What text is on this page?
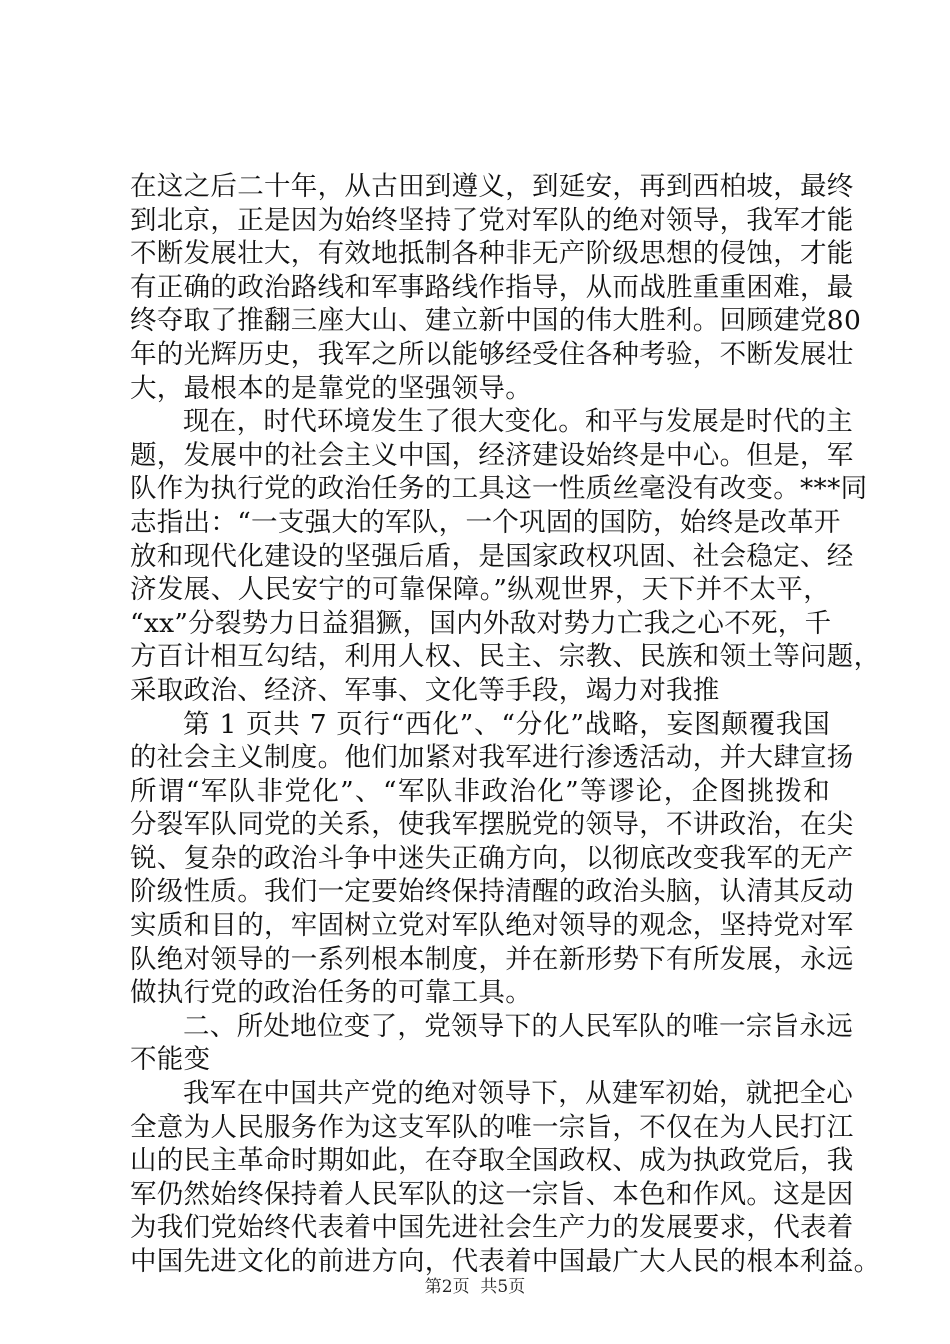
在这之后二十年，从古田到遵义，到延安，再到西柏坡，最终
到北京，正是因为始终坚持了党对军队的绝对领导，我军才能
不断发展壮大，有效地抵制各种非无产阶级思想的侵蚀，才能
有正确的政治路线和军事路线作指导，从而战胜重重困难，最
终夺取了推翻三座大山、建立新中国的伟大胜利。回顾建党80
年的光辉历史，我军之所以能够经受住各种考验，不断发展壮
大，最根本的是靠党的坚强领导。
现在，时代环境发生了很大变化。和平与发展是时代的主
题，发展中的社会主义中国，经济建设始终是中心。但是，军
队作为执行党的政治任务的工具这一性质丝毫没有改变。***同
志指出：“一支强大的军队，一个巩固的国防，始终是改革开
放和现代化建设的坚强后盾，是国家政权巩固、社会稳定、经
济发展、人民安宁的可靠保障。”纵观世界，天下并不太平，
“xx”分裂势力日益猖獗，国内外敌对势力亡我之心不死，千
方百计相互勾结，利用人权、民主、宗教、民族和领土等问题，
采取政治、经济、军事、文化等手段，竭力对我推
第 1 页共 7 页行“西化”、“分化”战略，妄图颠覆我国
的社会主义制度。他们加紧对我军进行渗透活动，并大肆宣扬
所谓“军队非党化”、“军队非政治化”等谬论，企图挑拨和
分裂军队同党的关系，使我军摆脱党的领导，不讲政治，在尖
锐、复杂的政治斗争中迷失正确方向，以彻底改变我军的无产
阶级性质。我们一定要始终保持清醒的政治头脑，认清其反动
实质和目的，牢固树立党对军队绝对领导的观念，坚持党对军
队绝对领导的一系列根本制度，并在新形势下有所发展，永远
做执行党的政治任务的可靠工具。
二、所处地位变了，党领导下的人民军队的唯一宗旨永远
不能变
我军在中国共产党的绝对领导下，从建军初始，就把全心
全意为人民服务作为这支军队的唯一宗旨，不仅在为人民打江
山的民主革命时期如此，在夺取全国政权、成为执政党后，我
军仍然始终保持着人民军队的这一宗旨、本色和作风。这是因
为我们党始终代表着中国先进社会生产力的发展要求，代表着
中国先进文化的前进方向，代表着中国最广大人民的根本利益。
第2页  共5页
